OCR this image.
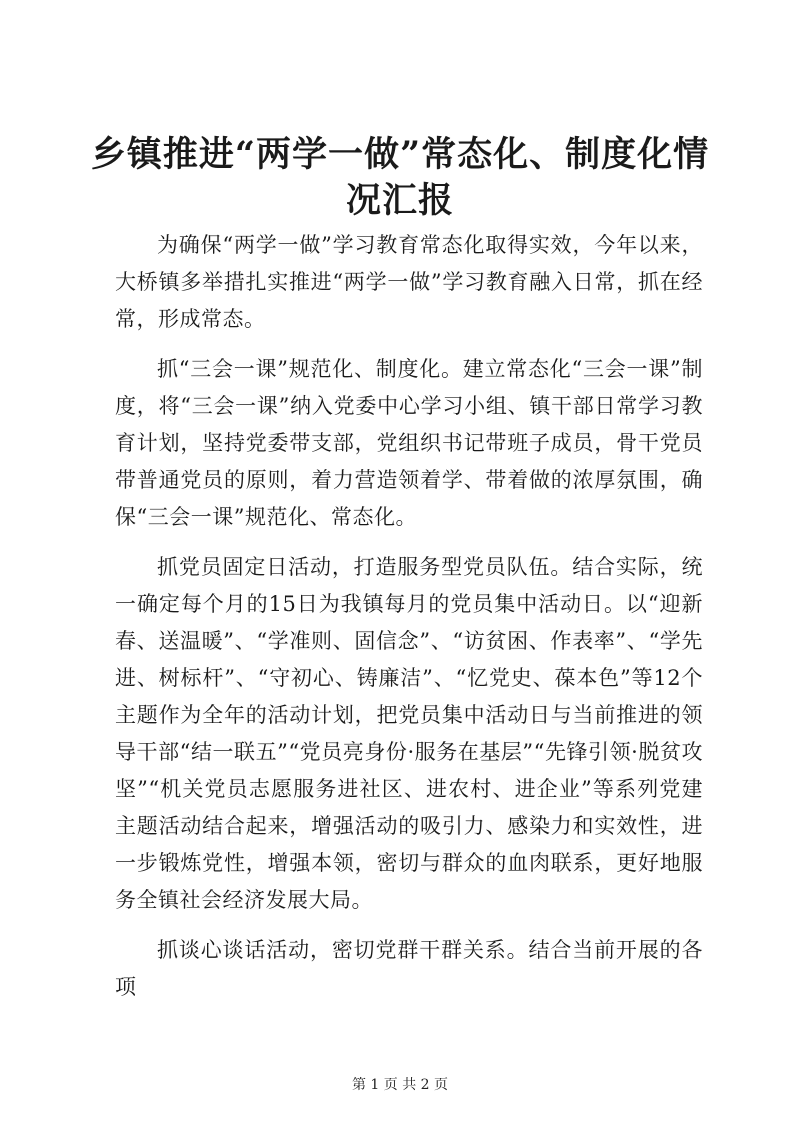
乡镇推进“两学一做”常态化、制度化情况汇报

为确保“两学一做”学习教育常态化取得实效，今年以来，大桥镇多举措扎实推进“两学一做”学习教育融入日常，抓在经常，形成常态。

抓“三会一课”规范化、制度化。建立常态化“三会一课”制度，将“三会一课”纳入党委中心学习小组、镇干部日常学习教育计划，坚持党委带支部，党组织书记带班子成员，骨干党员带普通党员的原则，着力营造领着学、带着做的浓厚氛围，确保“三会一课”规范化、常态化。

抓党员固定日活动，打造服务型党员队伍。结合实际，统一确定每个月的15日为我镇每月的党员集中活动日。以“迎新春、送温暖”、“学准则、固信念”、“访贫困、作表率”、“学先进、树标杆”、“守初心、铸廉洁”、“忆党史、葆本色”等12个主题作为全年的活动计划，把党员集中活动日与当前推进的领导干部“结一联五”“党员亮身份·服务在基层”“先锋引领·脱贫攻坚”“机关党员志愿服务进社区、进农村、进企业”等系列党建主题活动结合起来，增强活动的吸引力、感染力和实效性，进一步锻炼党性，增强本领，密切与群众的血肉联系，更好地服务全镇社会经济发展大局。

抓谈心谈话活动，密切党群干群关系。结合当前开展的各项

第 1 页 共 2 页
